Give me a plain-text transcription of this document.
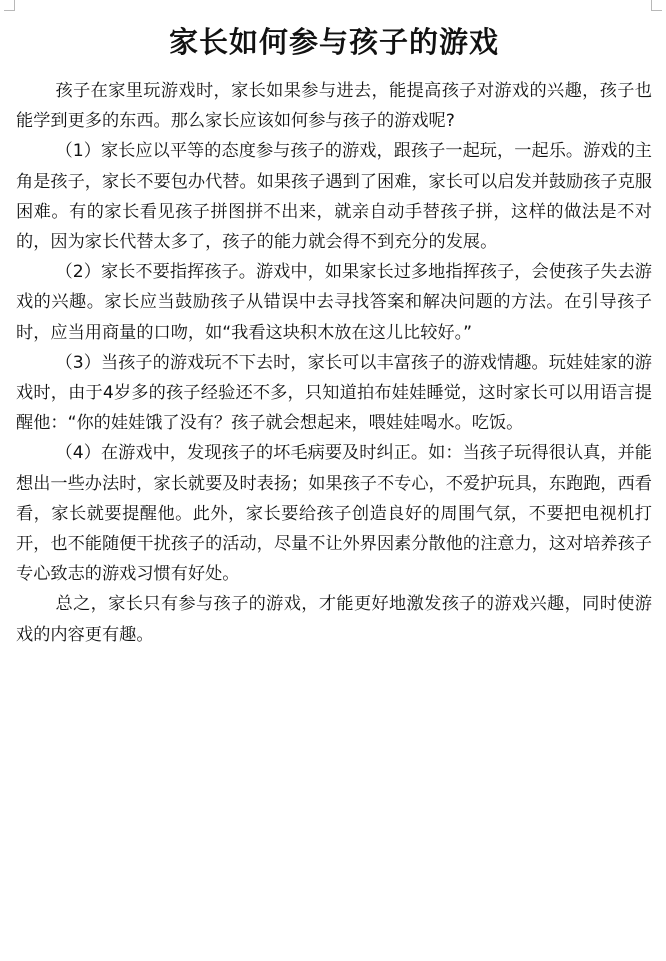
家长如何参与孩子的游戏

孩子在家里玩游戏时，家长如果参与进去，能提高孩子对游戏的兴趣，孩子也能学到更多的东西。那么家长应该如何参与孩子的游戏呢?

（1）家长应以平等的态度参与孩子的游戏，跟孩子一起玩，一起乐。游戏的主角是孩子，家长不要包办代替。如果孩子遇到了困难，家长可以启发并鼓励孩子克服困难。有的家长看见孩子拼图拼不出来，就亲自动手替孩子拼，这样的做法是不对的，因为家长代替太多了，孩子的能力就会得不到充分的发展。

（2）家长不要指挥孩子。游戏中，如果家长过多地指挥孩子，会使孩子失去游戏的兴趣。家长应当鼓励孩子从错误中去寻找答案和解决问题的方法。在引导孩子时，应当用商量的口吻，如“我看这块积木放在这儿比较好。”

（3）当孩子的游戏玩不下去时，家长可以丰富孩子的游戏情趣。玩娃娃家的游戏时，由于4岁多的孩子经验还不多，只知道拍布娃娃睡觉，这时家长可以用语言提醒他：“你的娃娃饿了没有？孩子就会想起来，喂娃娃喝水。吃饭。

（4）在游戏中，发现孩子的坏毛病要及时纠正。如：当孩子玩得很认真，并能想出一些办法时，家长就要及时表扬；如果孩子不专心，不爱护玩具，东跑跑，西看看，家长就要提醒他。此外，家长要给孩子创造良好的周围气氛，不要把电视机打开，也不能随便干扰孩子的活动，尽量不让外界因素分散他的注意力，这对培养孩子专心致志的游戏习惯有好处。

总之，家长只有参与孩子的游戏，才能更好地激发孩子的游戏兴趣，同时使游戏的内容更有趣。
